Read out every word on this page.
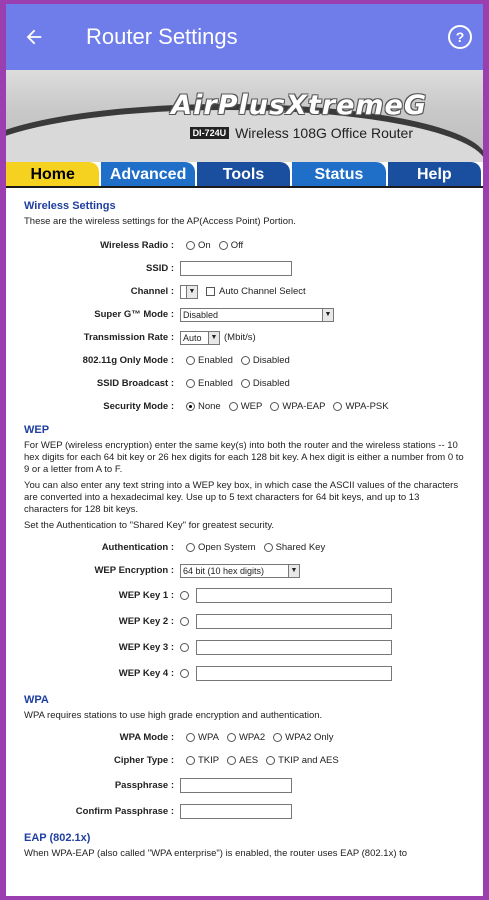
Router Settings	?
AirPlusXtremeG
DI-724U Wireless 108G Office Router
Home	Advanced	Tools	Status	Help
Wireless Settings
These are the wireless settings for the AP(Access Point) Portion.
Wireless Radio :	On Off
SSID :
Channel :	▼ Auto Channel Select
Super G™ Mode :	Disabled	▼
Transmission Rate :	Auto	▼ (Mbit/s)
802.11g Only Mode :	Enabled Disabled
SSID Broadcast :	Enabled Disabled
Security Mode :	None WEP WPA-EAP WPA-PSK
WEP
For WEP (wireless encryption) enter the same key(s) into both the router and the wireless stations -- 10 hex digits for each 64 bit key or 26 hex digits for each 128 bit key. A hex digit is either a number from 0 to 9 or a letter from A to F.
You can also enter any text string into a WEP key box, in which case the ASCII values of the characters are converted into a hexadecimal key. Use up to 5 text characters for 64 bit keys, and up to 13 characters for 128 bit keys.
Set the Authentication to "Shared Key" for greatest security.
Authentication :	Open System Shared Key
WEP Encryption :	64 bit (10 hex digits)	▼
WEP Key 1 :
WEP Key 2 :
WEP Key 3 :
WEP Key 4 :
WPA
WPA requires stations to use high grade encryption and authentication.
WPA Mode :	WPA WPA2 WPA2 Only
Cipher Type :	TKIP AES TKIP and AES
Passphrase :
Confirm Passphrase :
EAP (802.1x)
When WPA-EAP (also called "WPA enterprise") is enabled, the router uses EAP (802.1x) to
